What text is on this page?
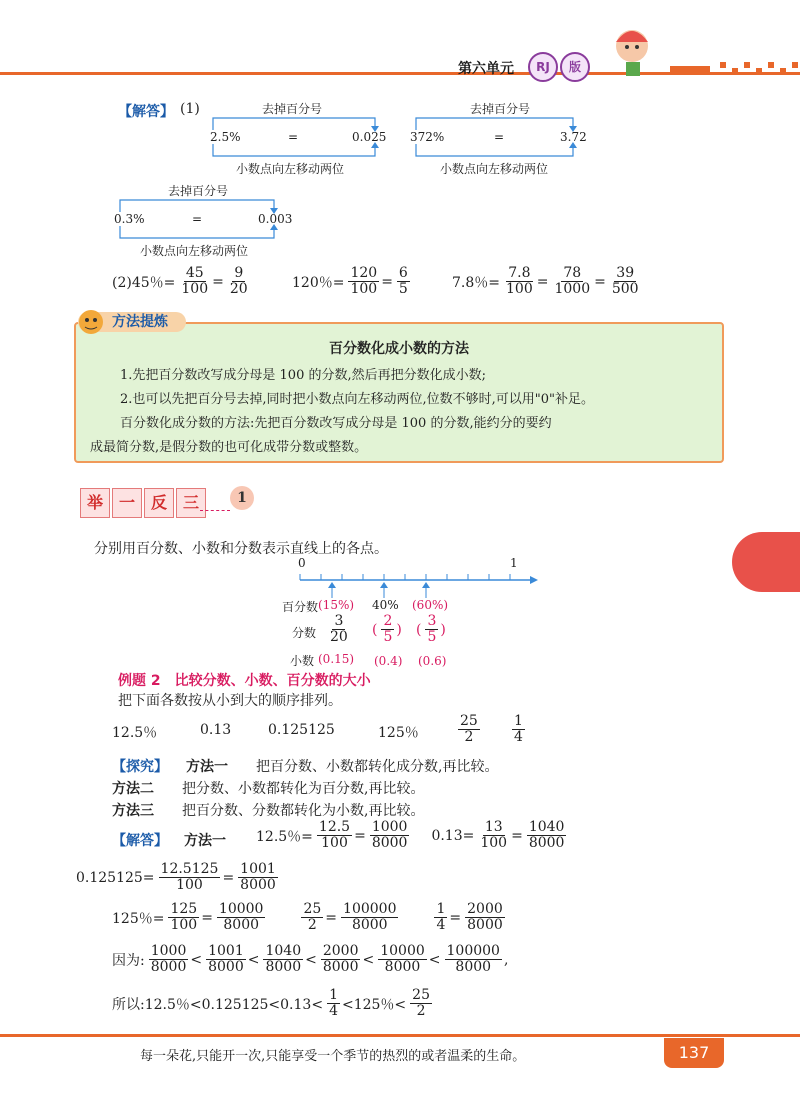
第六单元	RJ	版
【解答】 (1)	去掉百分号
2.5%	=	0.025
小数点向左移动两位
去掉百分号
372%	=	3.72
小数点向左移动两位
去掉百分号
0.3%	=	0.003
小数点向左移动两位
(2)45％= $\frac{45}{100} = \frac{9}{20}$	120％= $\frac{120}{100} = \frac{6}{5}$	7.8％= $\frac{7.8}{100} = \frac{78}{1000} = \frac{39}{500}$
百分数化成小数的方法

1.先把百分数改写成分母是 100 的分数,然后再把分数化成小数;

2.也可以先把百分号去掉,同时把小数点向左移动两位,位数不够时,可以用"0"补足。

百分数化成分数的方法:先把百分数改写成分母是 100 的分数,能约分的要约

成最简分数,是假分数的也可化成带分数或整数。

方法提炼
举 一 反 三	1
分别用百分数、小数和分数表示直线上的各点。
0	1
百分数 (15%) 40% (60%)
分数 $\frac{3}{20}$ ( $\frac{2}{5}$ ) ( $\frac{3}{5}$ )
小数 (0.15) (0.4) (0.6)
例题 2　比较分数、小数、百分数的大小
把下面各数按从小到大的顺序排列。
12.5％	0.13	0.125125	125％	$\frac{25}{2} \frac{1}{4}$
【探究】 方法一 把百分数、小数都转化成分数,再比较。
方法二 把分数、小数都转化为百分数,再比较。
方法三 把百分数、分数都转化为小数,再比较。
【解答】 方法一 12.5％= $\frac{12.5}{100} = \frac{1000}{8000} 0.13= \frac{13}{100} = \frac{1040}{8000}$
$0.125125= \frac{12.5125}{100} = \frac{1001}{8000}$
125％= $\frac{125}{100} = \frac{10000}{8000}$	$\frac{25}{2} = \frac{100000}{8000}$	$\frac{1}{4} = \frac{2000}{8000}$
因为: $\frac{1000}{8000} < \frac{1001}{8000} < \frac{1040}{8000} < \frac{2000}{8000} < \frac{10000}{8000} < \frac{100000}{8000}$ ,
所以:12.5％$<0.125125<0.13< \frac{1}{4} <125$％< $\frac{25}{2}$
每一朵花,只能开一次,只能享受一个季节的热烈的或者温柔的生命。	137
